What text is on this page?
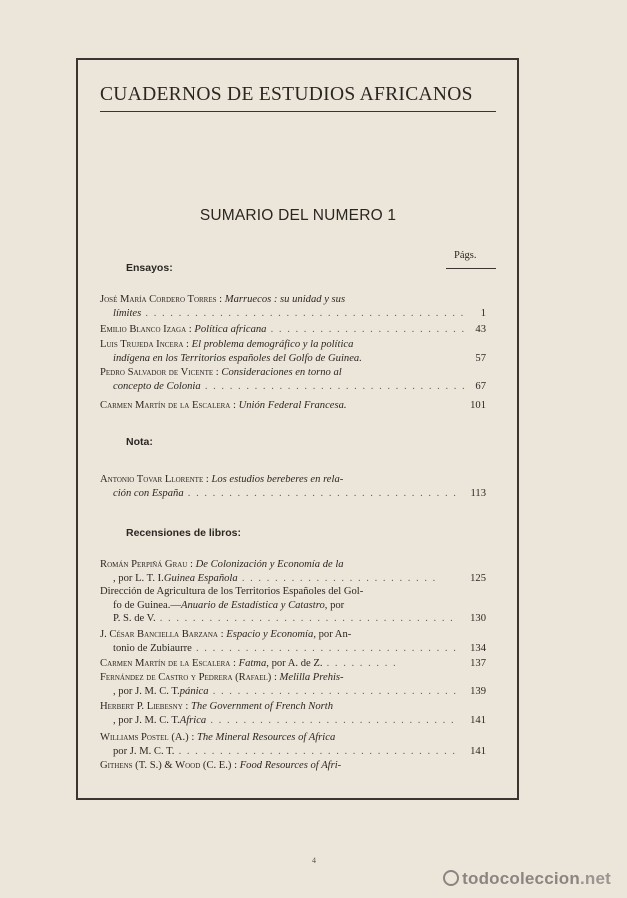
CUADERNOS DE ESTUDIOS AFRICANOS
SUMARIO DEL NUMERO 1
Págs.
Ensayos:
José María Cordero Torres : Marruecos : su unidad y sus
límites . . . . . . . . . . . . . . . . . . . . . . . . . . . . . . . . . . . . . . . 1
Emilio Blanco Izaga : Política africana . . . . . . . . . . . . . . . . . . . . . . . . 43
Luis Trujeda Incera : El problema demográfico y la política
indígena en los Territorios españoles del Golfo de Guinea.	57
Pedro Salvador de Vicente : Consideraciones en torno al
concepto de Colonia . . . . . . . . . . . . . . . . . . . . . . . . . . . . . . . . 67
Carmen Martín de la Escalera : Unión Federal Francesa.	101
Nota:
Antonio Tovar Llorente : Los estudios bereberes en rela-
ción con España . . . . . . . . . . . . . . . . . . . . . . . . . . . . . . . . . 113
Recensiones de libros:
Román Perpiñá Grau : De Colonización y Economía de la
, por L. T. I.Guinea Española . . . . . . . . . . . . . . . . . . . . . . . .	125
Dirección de Agricultura de los Territorios Españoles del Gol-
fo de Guinea.—Anuario de Estadística y Catastro, por
P. S. de V. . . . . . . . . . . . . . . . . . . . . . . . . . . . . . . . . . . . . 130
J. César Banciella Barzana : Espacio y Economía, por An-
tonio de Zubiaurre . . . . . . . . . . . . . . . . . . . . . . . . . . . . . . . . 134
Carmen Martín de la Escalera : Fatma, por A. de Z. . . . . . . . . .	137
Fernández de Castro y Pedrera (Rafael) : Melilla Prehis-
, por J. M. C. T.pánica . . . . . . . . . . . . . . . . . . . . . . . . . . . . . . 139
Herbert P. Liebesny : The Government of French North
, por J. M. C. T.Africa . . . . . . . . . . . . . . . . . . . . . . . . . . . . . . 141
Williams Postel (A.) : The Mineral Resources of Africa
por J. M. C. T. . . . . . . . . . . . . . . . . . . . . . . . . . . . . . . . . . . 141
Githens (T. S.) & Wood (C. E.) : Food Resources of Afri-
4
todocoleccion.net
